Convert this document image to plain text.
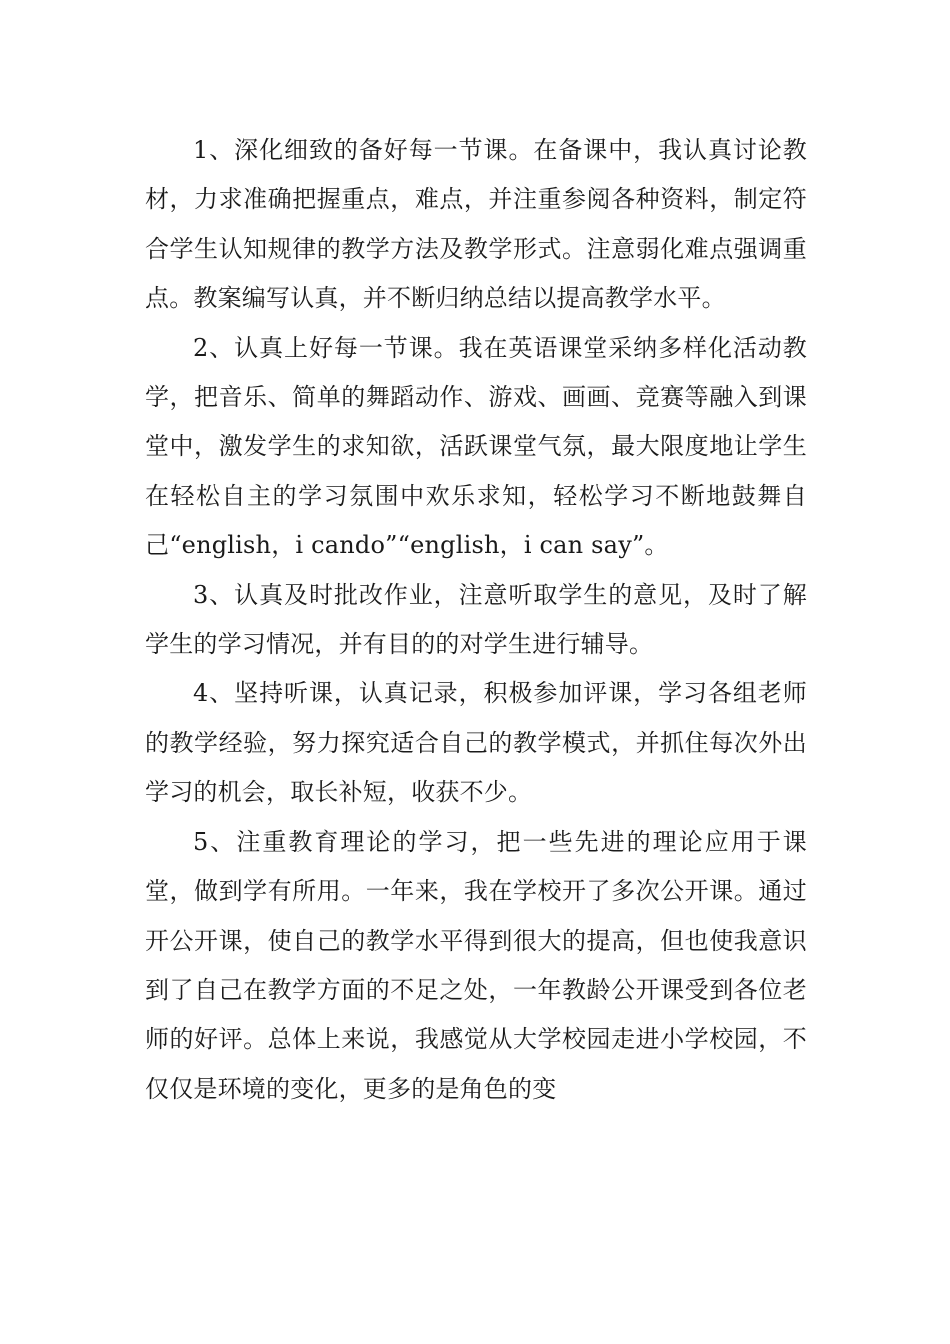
1、深化细致的备好每一节课。在备课中，我认真讨论教材，力求准确把握重点，难点，并注重参阅各种资料，制定符合学生认知规律的教学方法及教学形式。注意弱化难点强调重点。教案编写认真，并不断归纳总结以提高教学水平。

2、认真上好每一节课。我在英语课堂采纳多样化活动教学，把音乐、简单的舞蹈动作、游戏、画画、竞赛等融入到课堂中，激发学生的求知欲，活跃课堂气氛，最大限度地让学生在轻松自主的学习氛围中欢乐求知，轻松学习不断地鼓舞自己“english，i cando”“english，i can say”。

3、认真及时批改作业，注意听取学生的意见，及时了解学生的学习情况，并有目的的对学生进行辅导。

4、坚持听课，认真记录，积极参加评课，学习各组老师的教学经验，努力探究适合自己的教学模式，并抓住每次外出学习的机会，取长补短，收获不少。

5、注重教育理论的学习，把一些先进的理论应用于课堂，做到学有所用。一年来，我在学校开了多次公开课。通过开公开课，使自己的教学水平得到很大的提高，但也使我意识到了自己在教学方面的不足之处，一年教龄公开课受到各位老师的好评。总体上来说，我感觉从大学校园走进小学校园，不仅仅是环境的变化，更多的是角色的变
